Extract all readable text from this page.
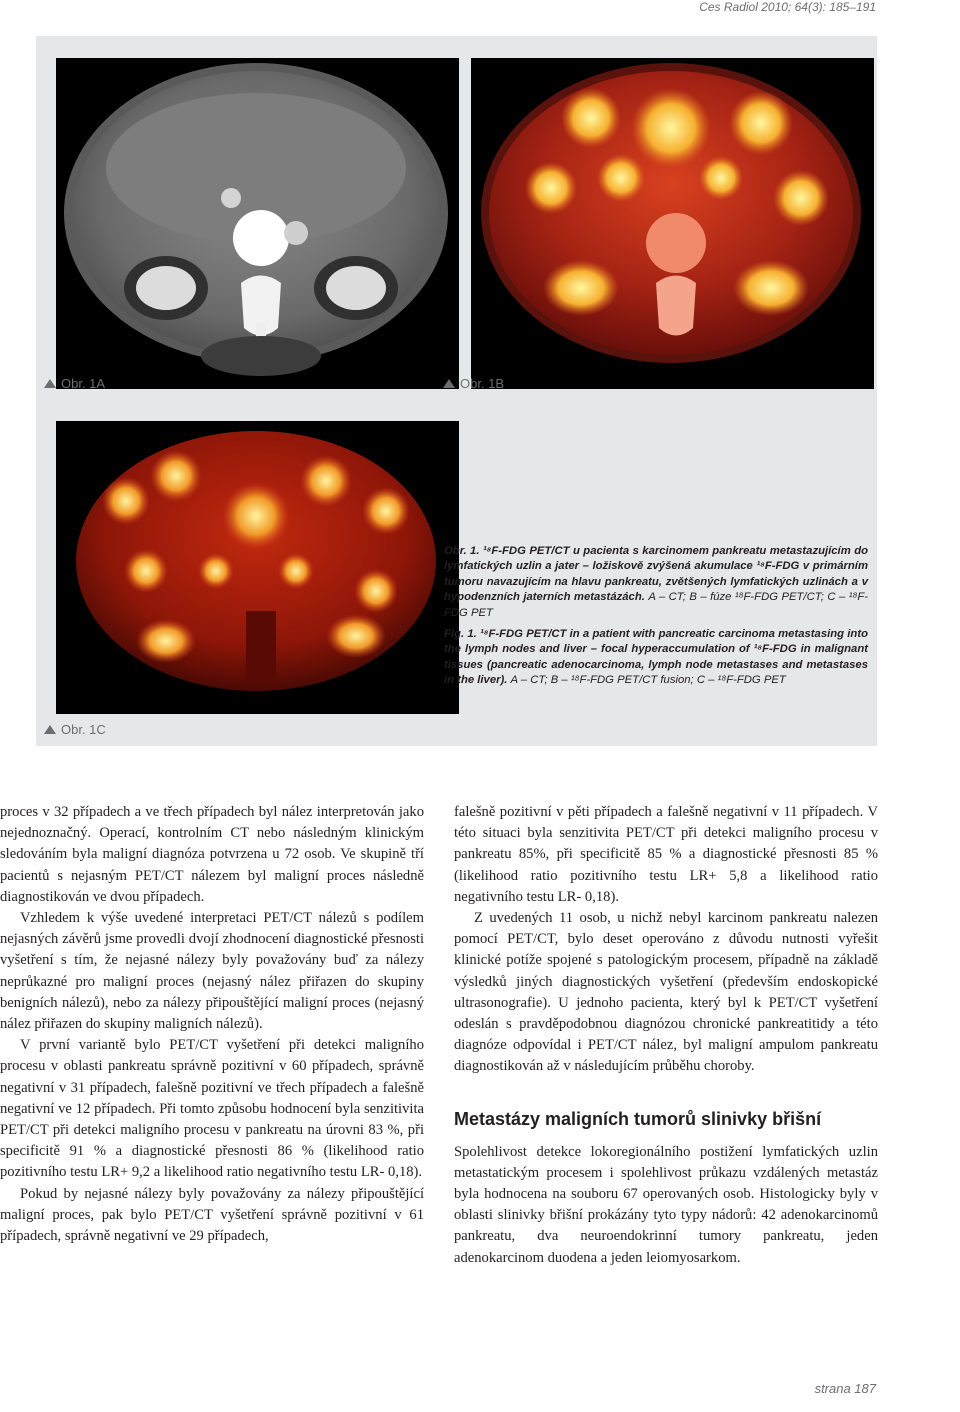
Ces Radiol 2010; 64(3): 185–191
Obr. 1A	Obr. 1B
Obr. 1C

Obr. 1. ¹⁸F-FDG PET/CT u pacienta s karcinomem pankreatu metastazujícím do lymfatických uzlin a jater – ložiskově zvýšená akumulace ¹⁸F-FDG v primárním tumoru navazujícím na hlavu pankreatu, zvětšených lymfatických uzlinách a v hypodenzních jaterních metastázách. A – CT; B – fúze ¹⁸F-FDG PET/CT; C – ¹⁸F-FDG PET

Fig. 1. ¹⁸F-FDG PET/CT in a patient with pancreatic carcinoma metastasing into the lymph nodes and liver – focal hyperaccumulation of ¹⁸F-FDG in malignant tissues (pancreatic adenocarcinoma, lymph node metastases and metastases in the liver). A – CT; B – ¹⁸F-FDG PET/CT fusion; C – ¹⁸F-FDG PET

proces v 32 případech a ve třech případech byl nález interpretován jako nejednoznačný. Operací, kontrolním CT nebo následným klinickým sledováním byla maligní diagnóza potvrzena u 72 osob. Ve skupině tří pacientů s nejasným PET/CT nálezem byl maligní proces následně diagnostikován ve dvou případech.

Vzhledem k výše uvedené interpretaci PET/CT nálezů s podílem nejasných závěrů jsme provedli dvojí zhodnocení diagnostické přesnosti vyšetření s tím, že nejasné nálezy byly považovány buď za nálezy neprůkazné pro maligní proces (nejasný nález přiřazen do skupiny benigních nálezů), nebo za nálezy připouštějící maligní proces (nejasný nález přiřazen do skupiny maligních nálezů).

V první variantě bylo PET/CT vyšetření při detekci maligního procesu v oblasti pankreatu správně pozitivní v 60 případech, správně negativní v 31 případech, falešně pozitivní ve třech případech a falešně negativní ve 12 případech. Při tomto způsobu hodnocení byla senzitivita PET/CT při detekci maligního procesu v pankreatu na úrovni 83 %, při specificitě 91 % a diagnostické přesnosti 86 % (likelihood ratio pozitivního testu LR+ 9,2 a likelihood ratio negativního testu LR- 0,18).

Pokud by nejasné nálezy byly považovány za nálezy připouštějící maligní proces, pak bylo PET/CT vyšetření správně pozitivní v 61 případech, správně negativní ve 29 případech,

falešně pozitivní v pěti případech a falešně negativní v 11 případech. V této situaci byla senzitivita PET/CT při detekci maligního procesu v pankreatu 85%, při specificitě 85 % a diagnostické přesnosti 85 % (likelihood ratio pozitivního testu LR+ 5,8 a likelihood ratio negativního testu LR- 0,18).

Z uvedených 11 osob, u nichž nebyl karcinom pankreatu nalezen pomocí PET/CT, bylo deset operováno z důvodu nutnosti vyřešit klinické potíže spojené s patologickým procesem, případně na základě výsledků jiných diagnostických vyšetření (především endoskopické ultrasonografie). U jednoho pacienta, který byl k PET/CT vyšetření odeslán s pravděpodobnou diagnózou chronické pankreatitidy a této diagnóze odpovídal i PET/CT nález, byl maligní ampulom pankreatu diagnostikován až v následujícím průběhu choroby.

Metastázy maligních tumorů slinivky břišní

Spolehlivost detekce lokoregionálního postižení lymfatických uzlin metastatickým procesem i spolehlivost průkazu vzdálených metastáz byla hodnocena na souboru 67 operovaných osob. Histologicky byly v oblasti slinivky břišní prokázány tyto typy nádorů: 42 adenokarcinomů pankreatu, dva neuroendokrinní tumory pankreatu, jeden adenokarcinom duodena a jeden leiomyosarkom.

strana 187
